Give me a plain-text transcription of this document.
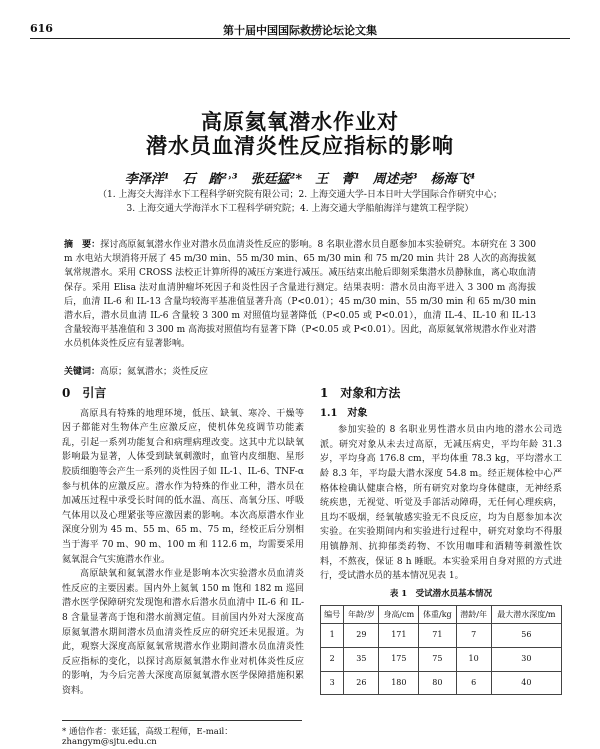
616	第十届中国国际救捞论坛论文集
高原氦氧潜水作业对
潜水员血清炎性反应指标的影响
李泽洋¹　石　踏²˒³　张廷猛²*　王　菁¹　周述尧³　杨海飞⁴
（1. 上海交大海洋水下工程科学研究院有限公司；2. 上海交通大学-日本日叶大学国际合作研究中心；
3. 上海交通大学海洋水下工程科学研究院；4. 上海交通大学船舶海洋与建筑工程学院）
摘　要：探讨高原氦氧潜水作业对潜水员血清炎性反应的影响。8 名职业潜水员自愿参加本实验研究。本研究在 3 300 m 水电站大坝消将开展了 45 m/30 min、55 m/30 min、65 m/30 min 和 75 m/20 min 共计 28 人次的高海拔氦氧常规潜水。采用 CROSS 法校正计算所得的减压方案进行减压。减压结束出舱后即刻采集潜水员静脉血，离心取血清保存。采用 Elisa 法对血清肿瘤坏死因子和炎性因子含量进行测定。结果表明：潜水员由海平进入 3 300 m 高海拔后，血清 IL-6 和 IL-13 含量均较海平基准值显著升高（P<0.01）；45 m/30 min、55 m/30 min 和 65 m/30 min 潜水后，潜水员血清 IL-6 含量较 3 300 m 对照值均显著降低（P<0.05 或 P<0.01），血清 IL-4、IL-10 和 IL-13 含量较海平基准值和 3 300 m 高海拔对照值均有显著下降（P<0.05 或 P<0.01）。因此，高原氦氧常规潜水作业对潜水员机体炎性反应有显著影响。
关键词：高原；氦氧潜水；炎性反应
0　引言

高原具有特殊的地理环境，低压、缺氧、寒冷、干燥等因子都能对生物体产生应激反应，使机体免疫调节功能紊乱，引起一系列功能复合和病理病理改变。这其中尤以缺氧影响最为显著，人体受到缺氧刺激时，血管内皮细胞、星形胶质细胞等会产生一系列的炎性因子如 IL-1、IL-6、TNF-α 参与机体的应激反应。潜水作为特殊的作业工种，潜水员在加减压过程中承受长时间的低水温、高压、高氧分压、呼吸气体用以及心理紧张等应激因素的影响。本次高原潜水作业深度分别为 45 m、55 m、65 m、75 m，经校正后分别相当于海平 70 m、90 m、100 m 和 112.6 m，均需要采用氦氧混合气实施潜水作业。

高原缺氧和氦氧潜水作业是影响本次实验潜水员血清炎性反应的主要因素。国内外上氦氧 150 m 饱和 182 m 巡回潜水医学保障研究发现饱和潜水后潜水员血清中 IL-6 和 IL-8 含量显著高于饱和潜水前测定值。目前国内外对大深度高原氦氧潜水期间潜水员血清炎性反应的研究还未见报道。为此，观察大深度高原氦氧常规潜水作业期间潜水员血清炎性反应指标的变化，以探讨高原氦氧潜水作业对机体炎性反应的影响，为今后完善大深度高原氦氧潜水医学保障措施积累资料。

1　对象和方法
1.1　对象

参加实验的 8 名职业男性潜水员由内地的潜水公司选派。研究对象从未去过高原，无减压病史，平均年龄 31.3 岁，平均身高 176.8 cm，平均体重 78.3 kg，平均潜水工龄 8.3 年，平均最大潜水深度 54.8 m。经正规体检中心严格体检确认健康合格，所有研究对象均身体健康，无神经系统疾患，无视觉、听觉及手部活动障碍，无任何心理疾病，且均不吸烟，经氧敏感实验无不良反应，均为自愿参加本次实验。在实验期间内和实验进行过程中，研究对象均不得服用镇静剂、抗抑郁类药物、不饮用咖啡和酒精等刺激性饮料，不熬夜，保证 8 h 睡眠。本实验采用自身对照的方式进行，受试潜水员的基本情况见表 1。

表 1　受试潜水员基本情况
编号	年龄/岁	身高/cm	体重/kg	潜龄/年	最大潜水深度/m
1	29	171	71	7	56
2	35	175	75	10	30
3	26	180	80	6	40
* 通信作者：张廷猛，高级工程师，E-mail：zhangym@sjtu.edu.cn
